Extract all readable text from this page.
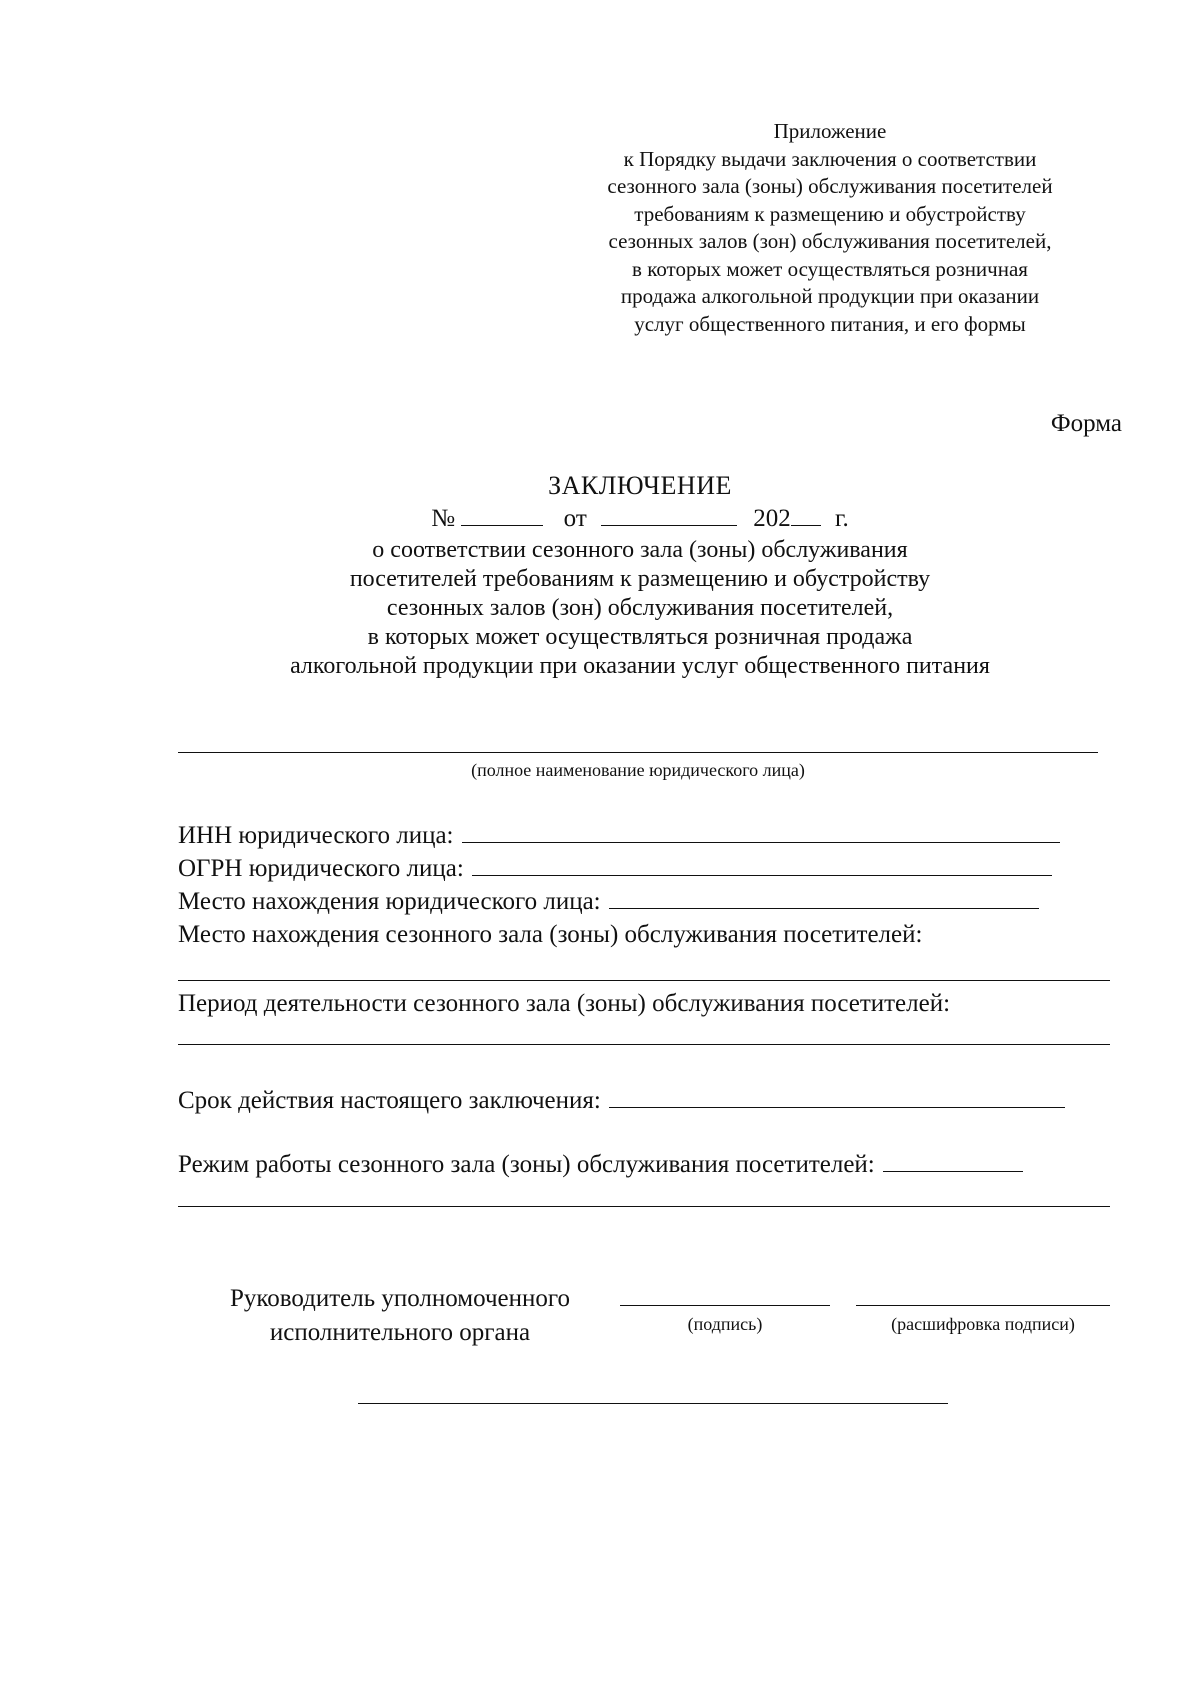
Приложение
к Порядку выдачи заключения о соответствии
сезонного зала (зоны) обслуживания посетителей
требованиям к размещению и обустройству
сезонных залов (зон) обслуживания посетителей,
в которых может осуществляться розничная
продажа алкогольной продукции при оказании
услуг общественного питания, и его формы
Форма
ЗАКЛЮЧЕНИЕ
№	от	202 г.
о соответствии сезонного зала (зоны) обслуживания
посетителей требованиям к размещению и обустройству
сезонных залов (зон) обслуживания посетителей,
в которых может осуществляться розничная продажа
алкогольной продукции при оказании услуг общественного питания
(полное наименование юридического лица)
ИНН юридического лица:
ОГРН юридического лица:
Место нахождения юридического лица:
Место нахождения сезонного зала (зоны) обслуживания посетителей:
Период деятельности сезонного зала (зоны) обслуживания посетителей:
Срок действия настоящего заключения:
Режим работы сезонного зала (зоны) обслуживания посетителей:
Руководитель уполномоченного
исполнительного органа	(подпись)	(расшифровка подписи)
